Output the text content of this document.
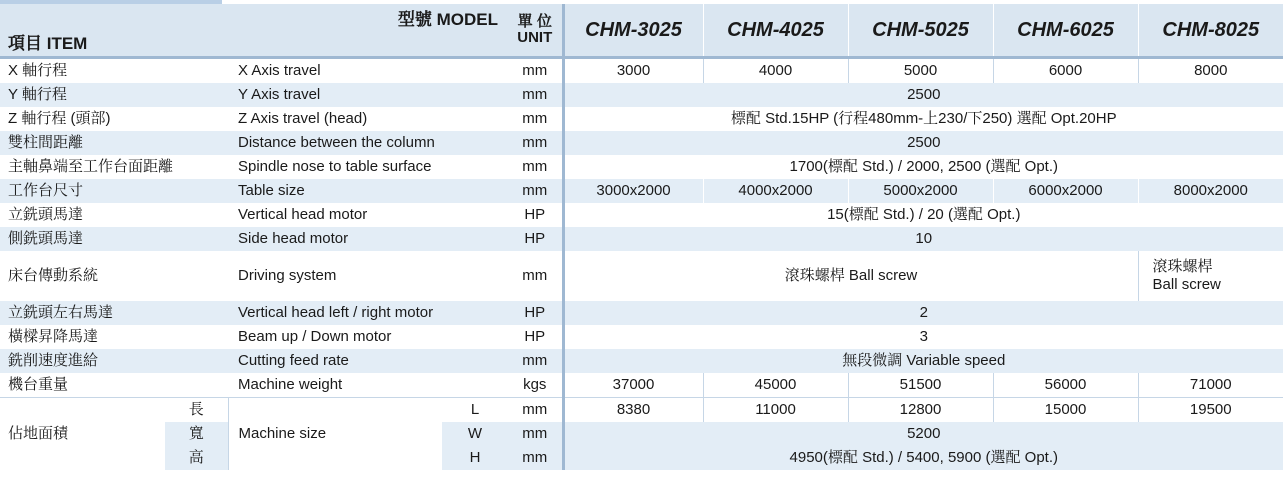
項目 ITEM		型號 MODEL		單 位
UNIT	CHM-3025	CHM-4025	CHM-5025	CHM-6025	CHM-8025
X 軸行程		X Axis travel		mm	3000	4000	5000	6000	8000
Y 軸行程		Y Axis travel		mm	2500				
Z 軸行程 (頭部)		Z Axis travel (head)		mm	標配 Std.15HP (行程480mm-上230/下250) 選配 Opt.20HP				
雙柱間距離		Distance between the column		mm	2500				
主軸鼻端至工作台面距離		Spindle nose to table surface		mm	1700(標配 Std.) / 2000, 2500 (選配 Opt.)				
工作台尺寸		Table size		mm	3000x2000	4000x2000	5000x2000	6000x2000	8000x2000
立銑頭馬達		Vertical head motor		HP	15(標配 Std.) / 20 (選配 Opt.)				
側銑頭馬達		Side head motor		HP	10				
床台傳動系統		Driving system		mm	滾珠螺桿 Ball screw				滾珠螺桿
Ball screw

立銑頭左右馬達		Vertical head left / right motor		HP	2				
橫樑昇降馬達		Beam up / Down motor		HP	3				
銑削速度進給		Cutting feed rate		mm	無段微調 Variable speed				
機台重量		Machine weight		kgs	37000	45000	51500	56000	71000
佔地面積	長	Machine size	L	mm	8380	11000	12800	15000	19500
	寬		W	mm	5200				
	高		H	mm	4950(標配 Std.) / 5400, 5900 (選配 Opt.)				
